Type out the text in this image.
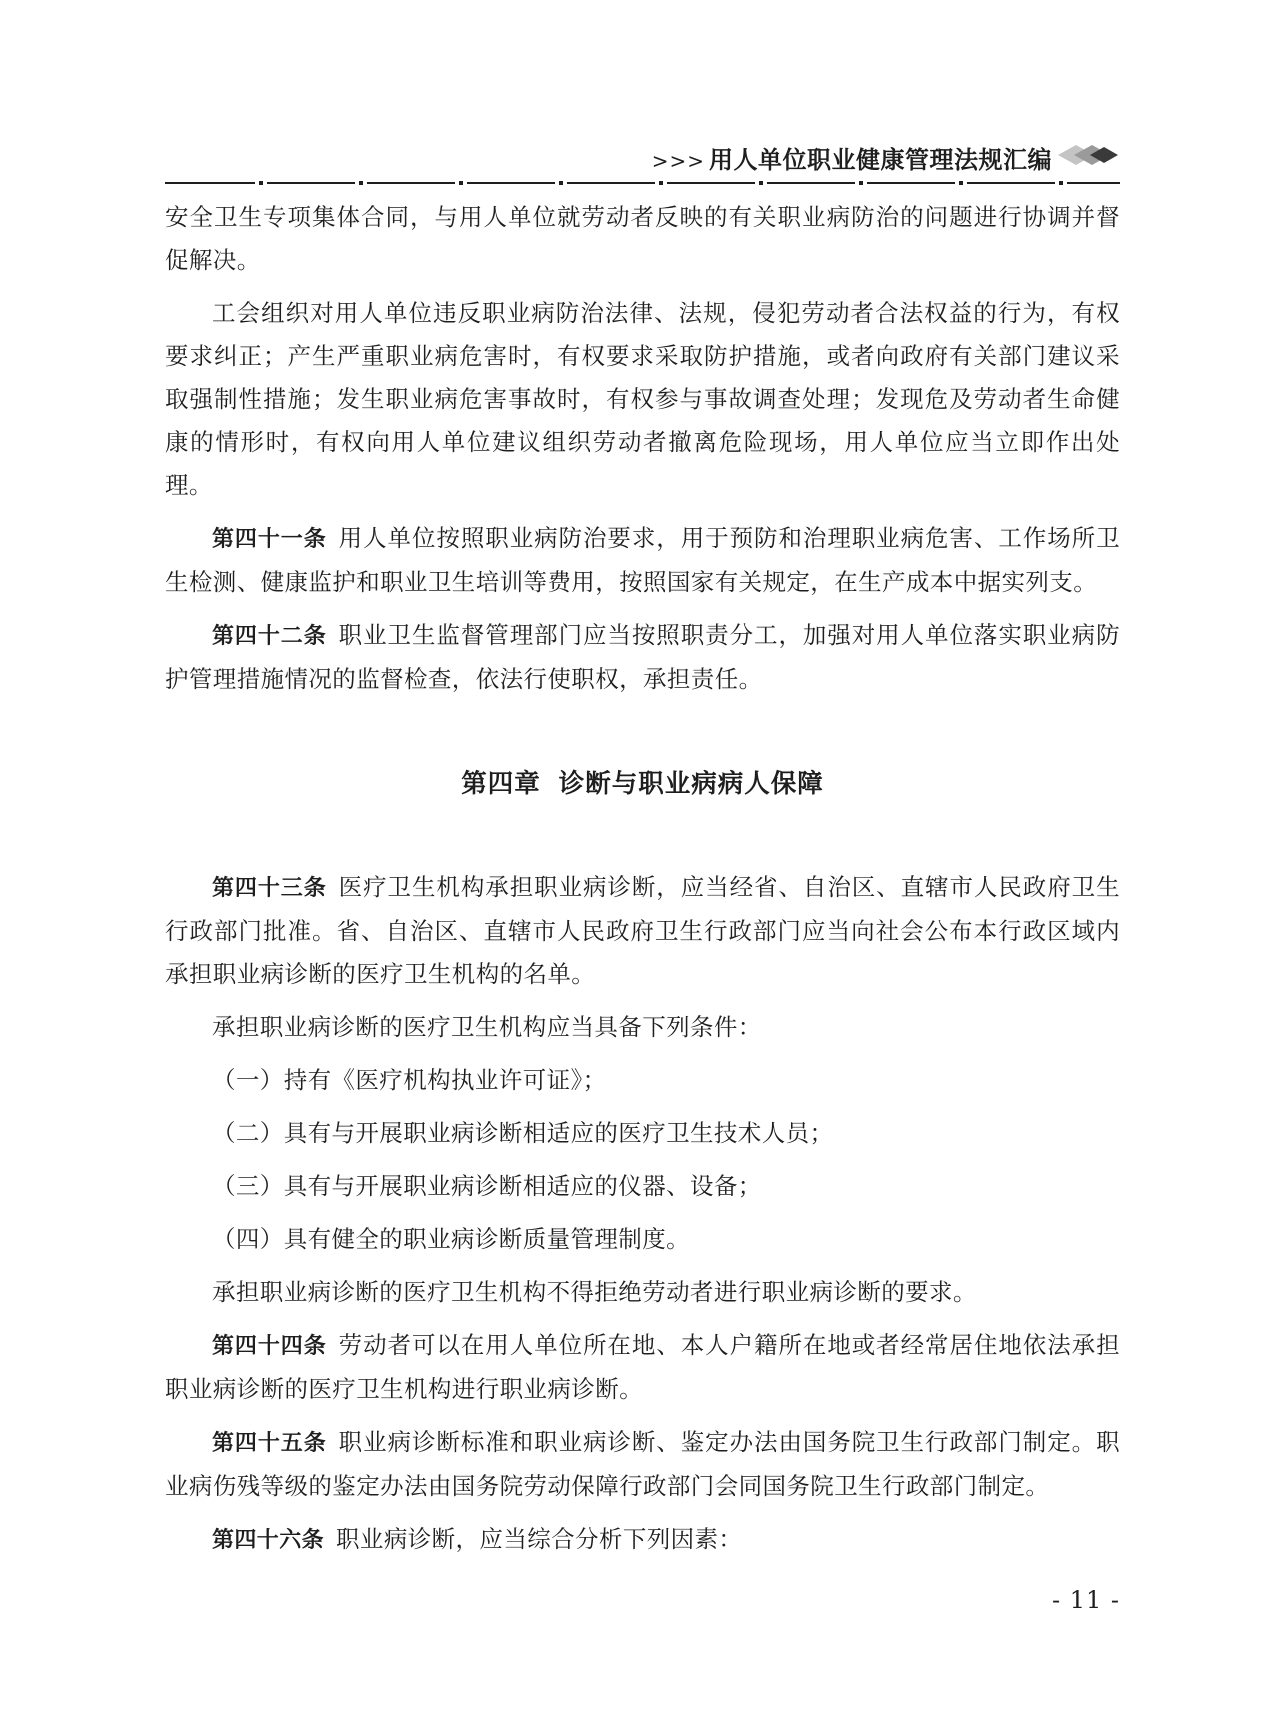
>>> 用人单位职业健康管理法规汇编

安全卫生专项集体合同，与用人单位就劳动者反映的有关职业病防治的问题进行协调并督促解决。

工会组织对用人单位违反职业病防治法律、法规，侵犯劳动者合法权益的行为，有权要求纠正；产生严重职业病危害时，有权要求采取防护措施，或者向政府有关部门建议采取强制性措施；发生职业病危害事故时，有权参与事故调查处理；发现危及劳动者生命健康的情形时，有权向用人单位建议组织劳动者撤离危险现场，用人单位应当立即作出处理。

第四十一条 用人单位按照职业病防治要求，用于预防和治理职业病危害、工作场所卫生检测、健康监护和职业卫生培训等费用，按照国家有关规定，在生产成本中据实列支。

第四十二条 职业卫生监督管理部门应当按照职责分工，加强对用人单位落实职业病防护管理措施情况的监督检查，依法行使职权，承担责任。

第四章 诊断与职业病病人保障

第四十三条 医疗卫生机构承担职业病诊断，应当经省、自治区、直辖市人民政府卫生行政部门批准。省、自治区、直辖市人民政府卫生行政部门应当向社会公布本行政区域内承担职业病诊断的医疗卫生机构的名单。

承担职业病诊断的医疗卫生机构应当具备下列条件：

（一）持有《医疗机构执业许可证》；

（二）具有与开展职业病诊断相适应的医疗卫生技术人员；

（三）具有与开展职业病诊断相适应的仪器、设备；

（四）具有健全的职业病诊断质量管理制度。

承担职业病诊断的医疗卫生机构不得拒绝劳动者进行职业病诊断的要求。

第四十四条 劳动者可以在用人单位所在地、本人户籍所在地或者经常居住地依法承担职业病诊断的医疗卫生机构进行职业病诊断。

第四十五条 职业病诊断标准和职业病诊断、鉴定办法由国务院卫生行政部门制定。职业病伤残等级的鉴定办法由国务院劳动保障行政部门会同国务院卫生行政部门制定。

第四十六条 职业病诊断，应当综合分析下列因素：

- 11 -
